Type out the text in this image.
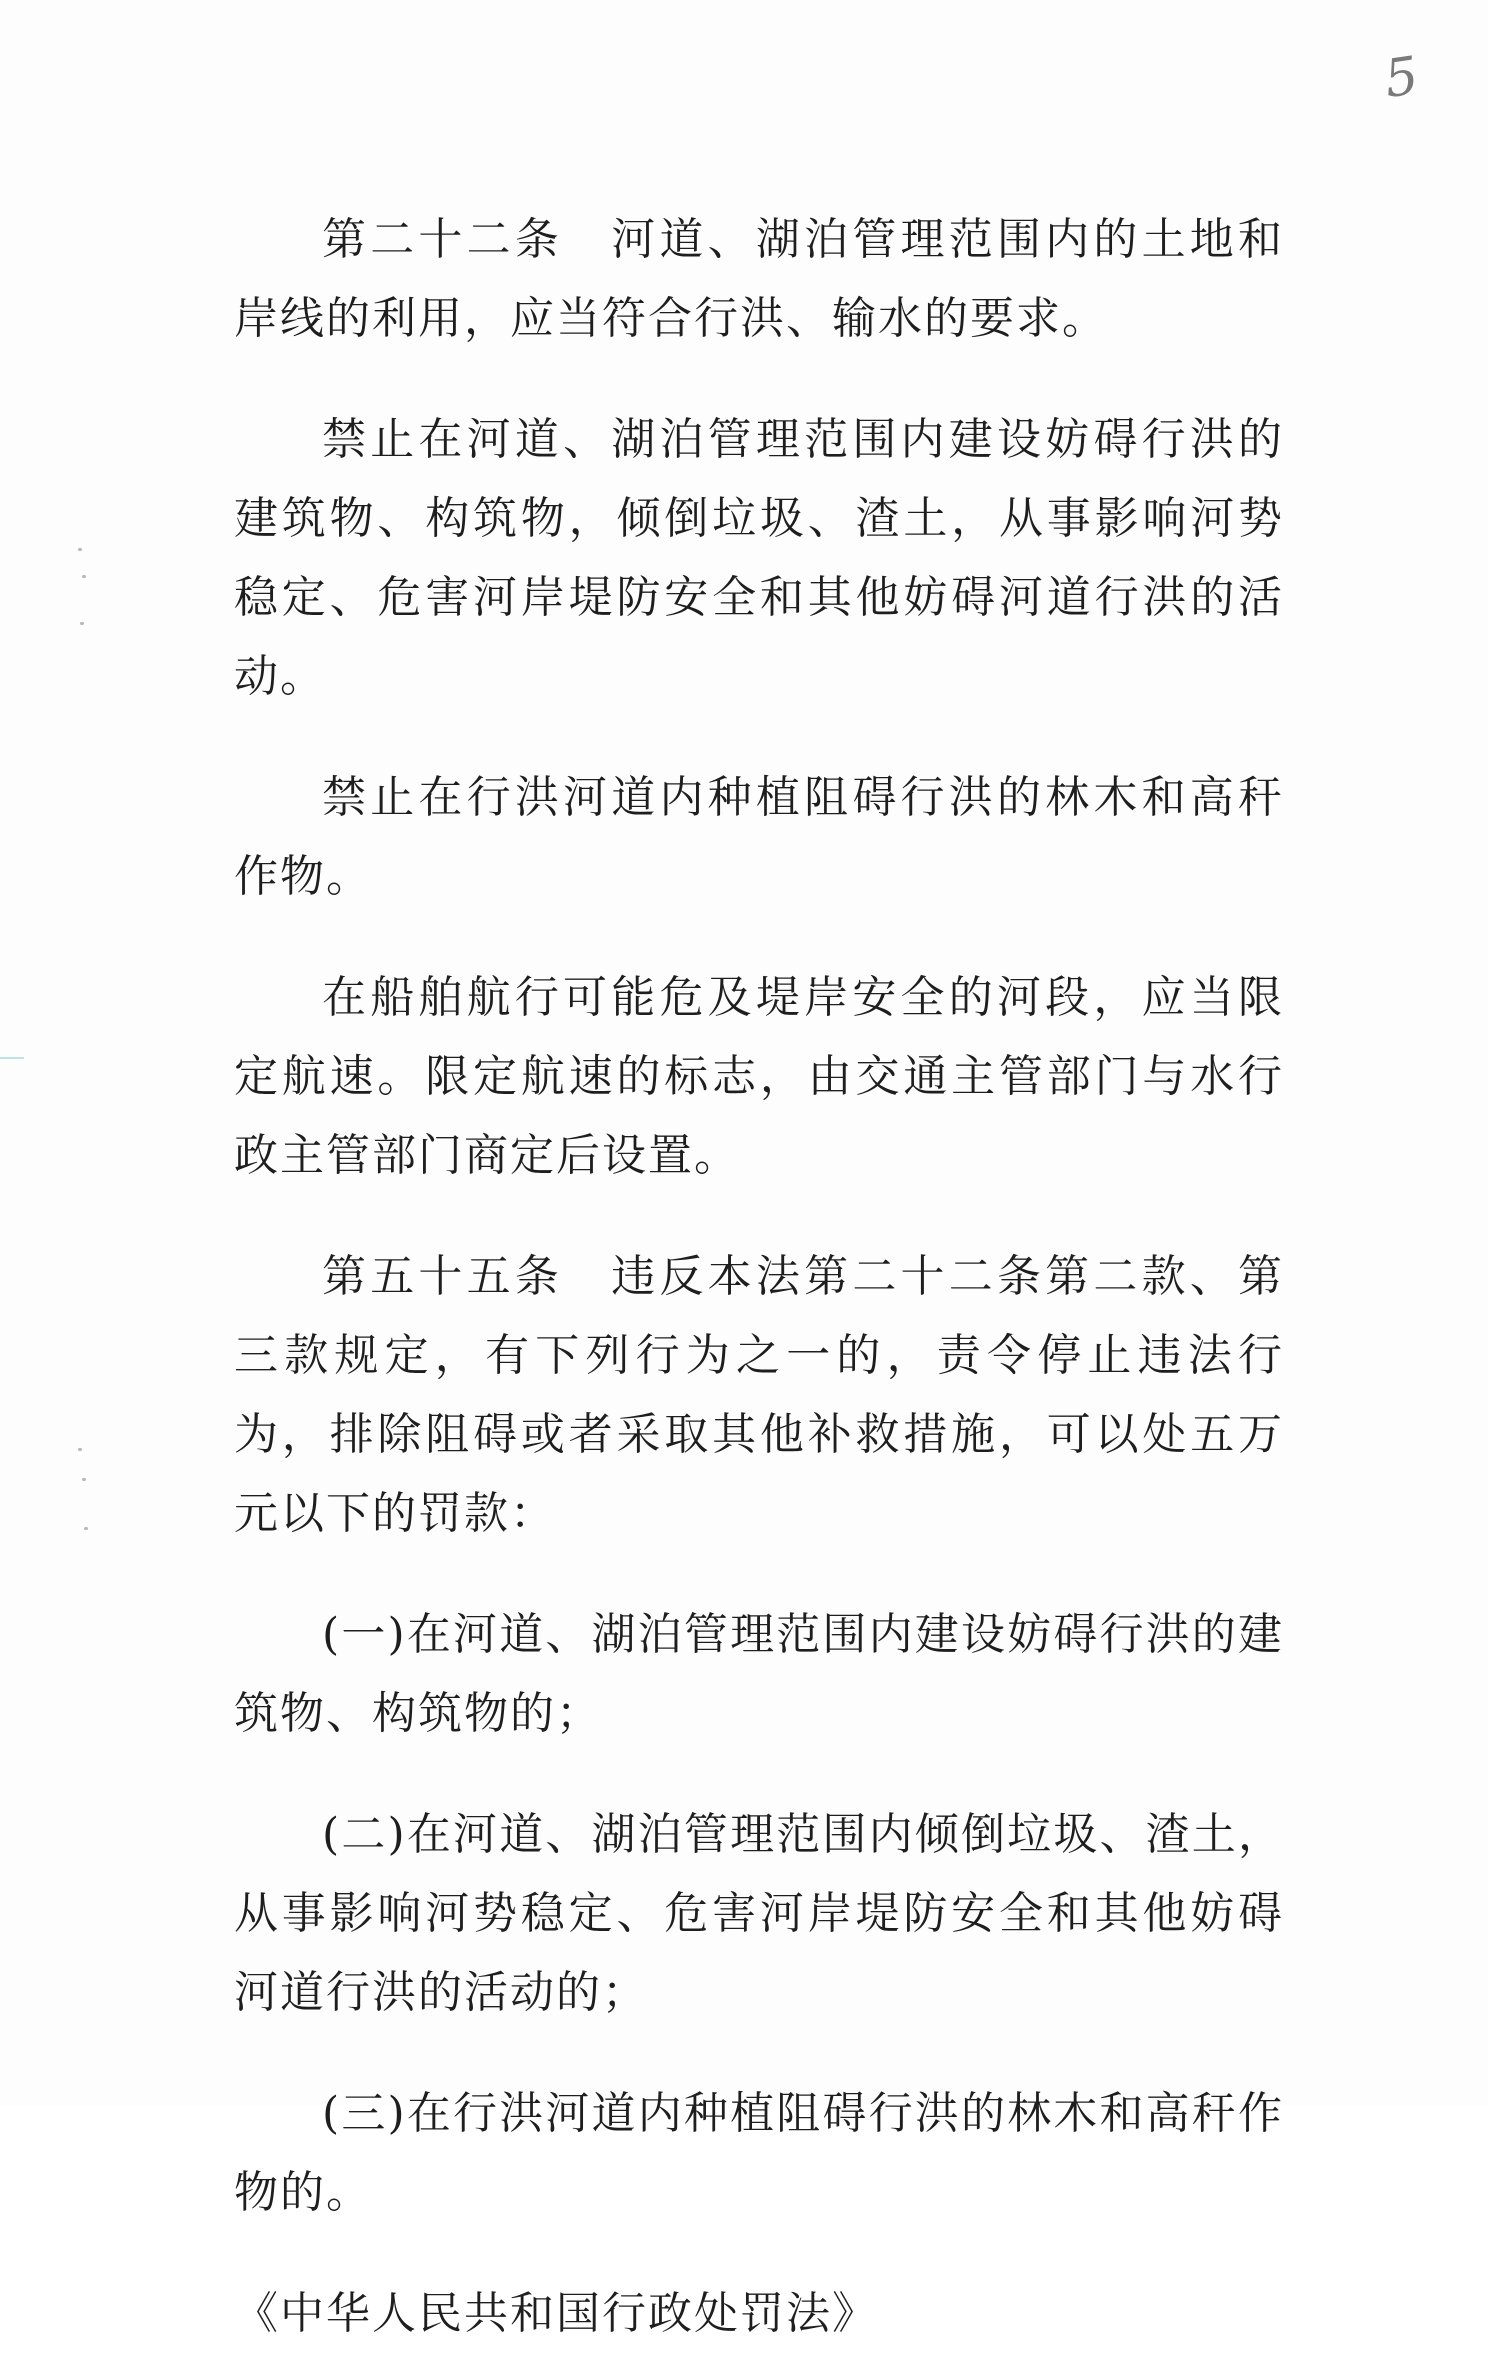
5

第二十二条　河道、湖泊管理范围内的土地和岸线的利用，应当符合行洪、输水的要求。

禁止在河道、湖泊管理范围内建设妨碍行洪的建筑物、构筑物，倾倒垃圾、渣土，从事影响河势稳定、危害河岸堤防安全和其他妨碍河道行洪的活动。

禁止在行洪河道内种植阻碍行洪的林木和高秆作物。

在船舶航行可能危及堤岸安全的河段，应当限定航速。限定航速的标志，由交通主管部门与水行政主管部门商定后设置。

第五十五条　违反本法第二十二条第二款、第三款规定，有下列行为之一的，责令停止违法行为，排除阻碍或者采取其他补救措施，可以处五万元以下的罚款：

(一)在河道、湖泊管理范围内建设妨碍行洪的建筑物、构筑物的；

(二)在河道、湖泊管理范围内倾倒垃圾、渣土，从事影响河势稳定、危害河岸堤防安全和其他妨碍河道行洪的活动的；

(三)在行洪河道内种植阻碍行洪的林木和高秆作物的。

《中华人民共和国行政处罚法》
